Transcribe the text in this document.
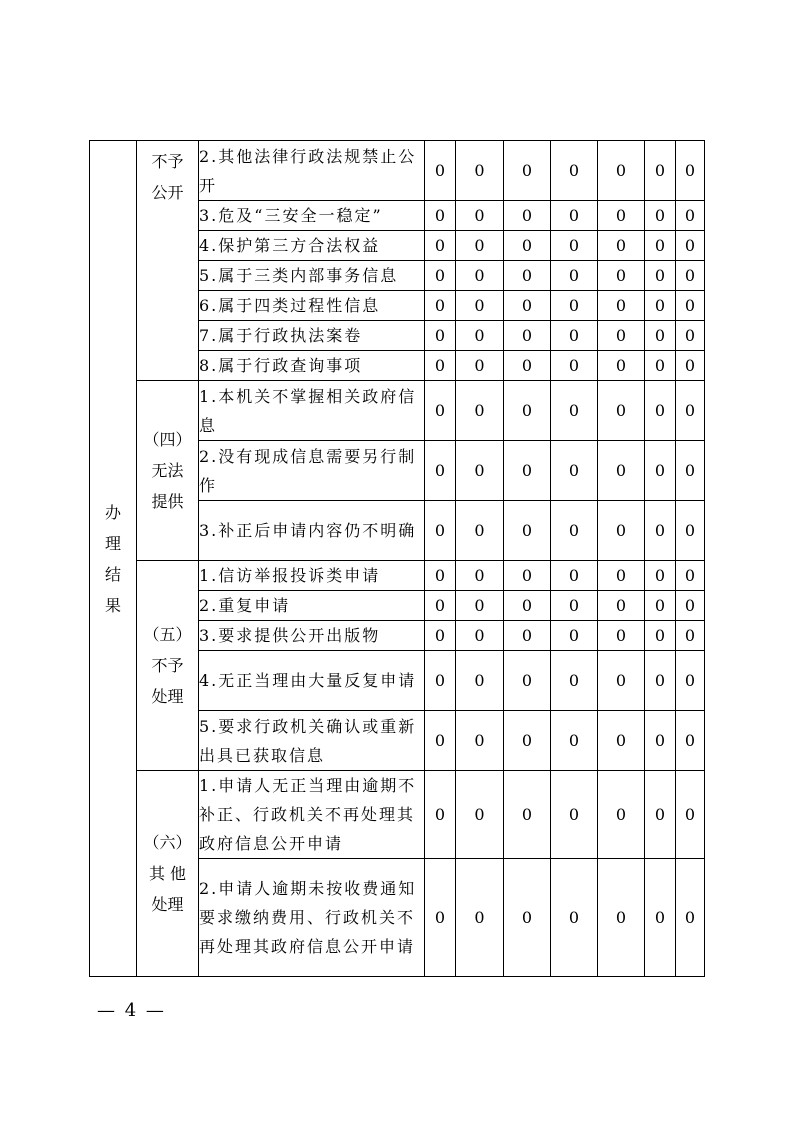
办
理
结
果	不予
公开	2.其他法律行政法规禁止公开	0	0	0	0	0	0	0
		3.危及“三安全一稳定”	0	0	0	0	0	0	0
		4.保护第三方合法权益	0	0	0	0	0	0	0
		5.属于三类内部事务信息	0	0	0	0	0	0	0
		6.属于四类过程性信息	0	0	0	0	0	0	0
		7.属于行政执法案卷	0	0	0	0	0	0	0
		8.属于行政查询事项	0	0	0	0	0	0	0

	（四）
无法
提供	1.本机关不掌握相关政府信息	0	0	0	0	0	0	0
		2.没有现成信息需要另行制作	0	0	0	0	0	0	0
		3.补正后申请内容仍不明确	0	0	0	0	0	0	0

	（五）
不予
处理	1.信访举报投诉类申请	0	0	0	0	0	0	0
		2.重复申请	0	0	0	0	0	0	0
		3.要求提供公开出版物	0	0	0	0	0	0	0
		4.无正当理由大量反复申请	0	0	0	0	0	0	0
		5.要求行政机关确认或重新出具已获取信息	0	0	0	0	0	0	0

	（六）
其 他
处理	1.申请人无正当理由逾期不补正、行政机关不再处理其政府信息公开申请	0	0	0	0	0	0	0
		2.申请人逾期未按收费通知要求缴纳费用、行政机关不再处理其政府信息公开申请	0	0	0	0	0	0	0
— 4 —
